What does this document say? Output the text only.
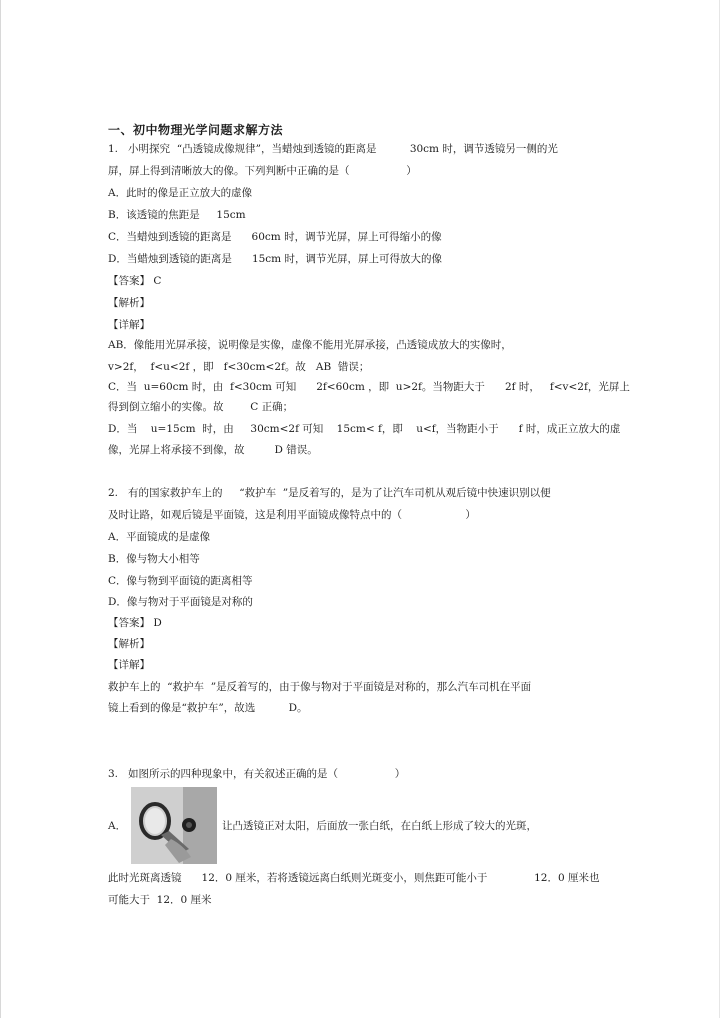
一、初中物理光学问题求解方法

1.   小明探究  “凸透镜成像规律”，当蜡烛到透镜的距离是          30cm 时，调节透镜另一侧的光

屏，屏上得到清晰放大的像。下列判断中正确的是（                 ）

A．此时的像是正立放大的虚像

B．该透镜的焦距是     15cm

C．当蜡烛到透镜的距离是      60cm 时，调节光屏，屏上可得缩小的像

D．当蜡烛到透镜的距离是      15cm 时，调节光屏，屏上可得放大的像

【答案】 C

【解析】

【详解】

AB．像能用光屏承接，说明像是实像，虚像不能用光屏承接，凸透镜成放大的实像时，

v>2f，  f<u<2f ，即   f<30cm<2f。故   AB  错误；

C．当  u=60cm 时，由  f<30cm 可知      2f<60cm ，即  u>2f。当物距大于      2f 时，   f<v<2f，光屏上

得到倒立缩小的实像。故        C 正确；

D．当    u=15cm  时，由     30cm<2f 可知    15cm< f，即    u<f，当物距小于      f 时，成正立放大的虚

像，光屏上将承接不到像，故         D 错误。

2.   有的国家救护车上的     “救护车  ”是反着写的，是为了让汽车司机从观后镜中快速识别以便

及时让路，如观后镜是平面镜，这是利用平面镜成像特点中的（                   ）

A．平面镜成的是虚像

B．像与物大小相等

C．像与物到平面镜的距离相等

D．像与物对于平面镜是对称的

【答案】 D

【解析】

【详解】

救护车上的  “救护车  ”是反着写的，由于像与物对于平面镜是对称的，那么汽车司机在平面

镜上看到的像是“救护车”，故选          D。

3.   如图所示的四种现象中，有关叙述正确的是（                 ）

A．	让凸透镜正对太阳，后面放一张白纸，在白纸上形成了较大的光斑，

此时光斑离透镜      12．0 厘米，若将透镜远离白纸则光斑变小，则焦距可能小于              12．0 厘米也

可能大于  12．0 厘米
